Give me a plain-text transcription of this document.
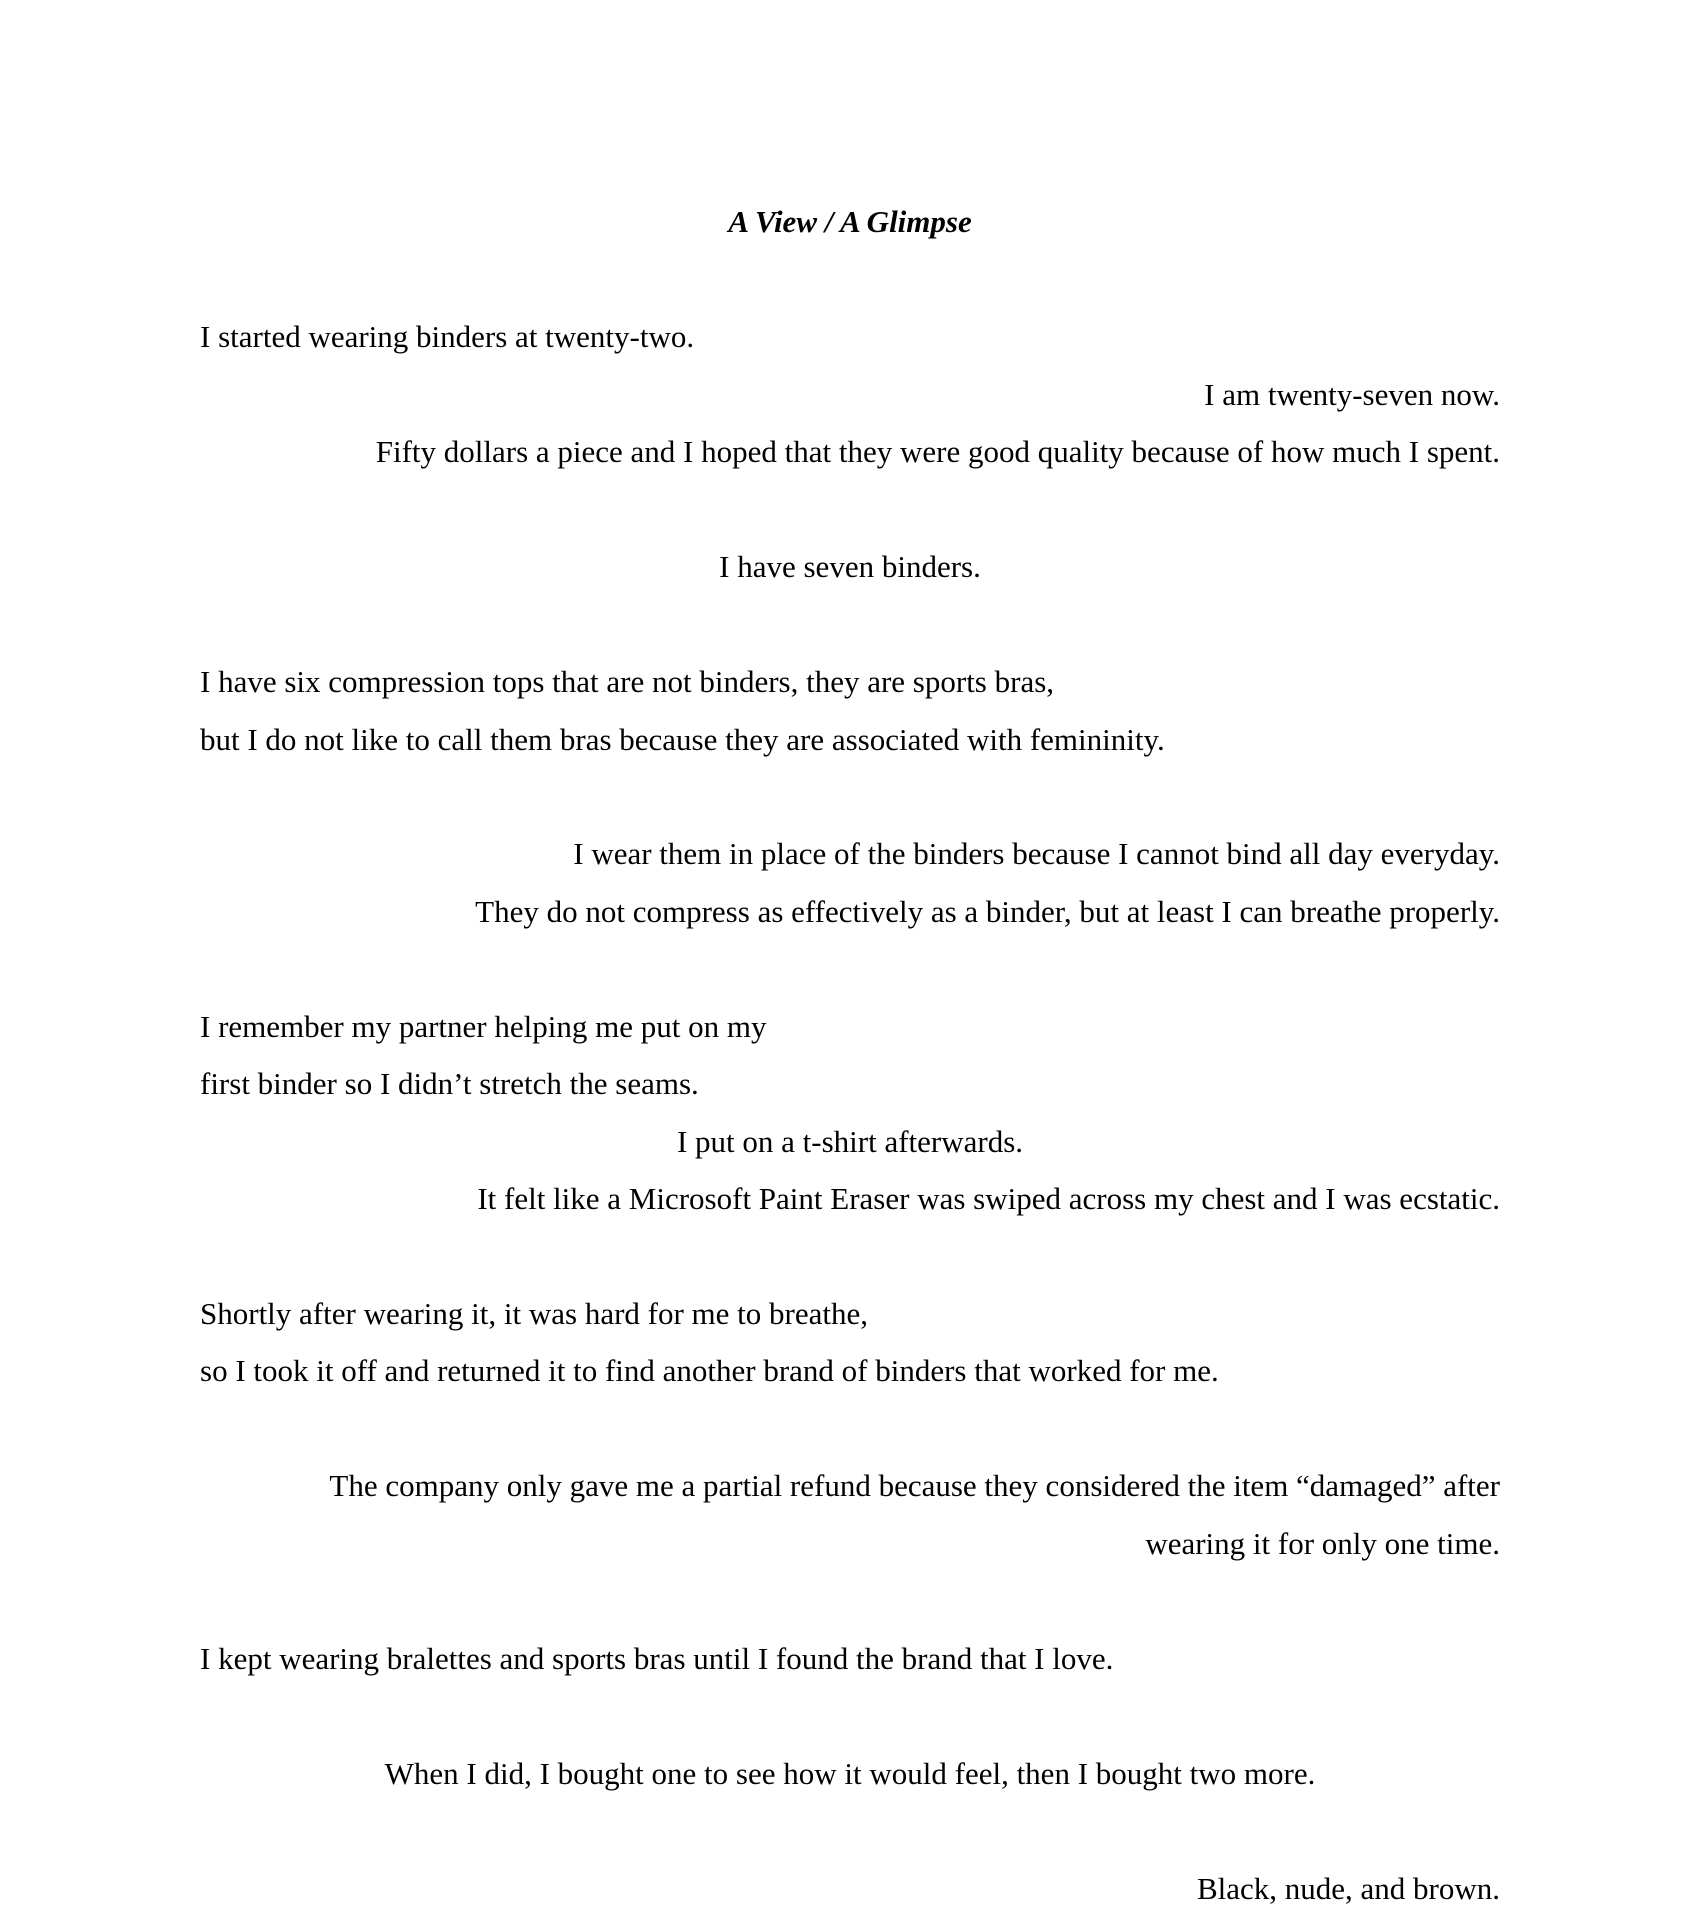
A View / A Glimpse
I started wearing binders at twenty-two.
I am twenty-seven now.
Fifty dollars a piece and I hoped that they were good quality because of how much I spent.
I have seven binders.
I have six compression tops that are not binders, they are sports bras,
but I do not like to call them bras because they are associated with femininity.
I wear them in place of the binders because I cannot bind all day everyday.
They do not compress as effectively as a binder, but at least I can breathe properly.
I remember my partner helping me put on my
first binder so I didn’t stretch the seams.
I put on a t-shirt afterwards.
It felt like a Microsoft Paint Eraser was swiped across my chest and I was ecstatic.
Shortly after wearing it, it was hard for me to breathe,
so I took it off and returned it to find another brand of binders that worked for me.
The company only gave me a partial refund because they considered the item “damaged” after
wearing it for only one time.
I kept wearing bralettes and sports bras until I found the brand that I love.
When I did, I bought one to see how it would feel, then I bought two more.
Black, nude, and brown.
